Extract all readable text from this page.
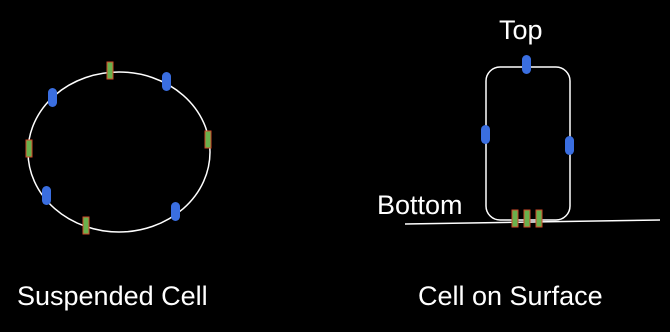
Top
Bottom
Suspended Cell	Cell on Surface
